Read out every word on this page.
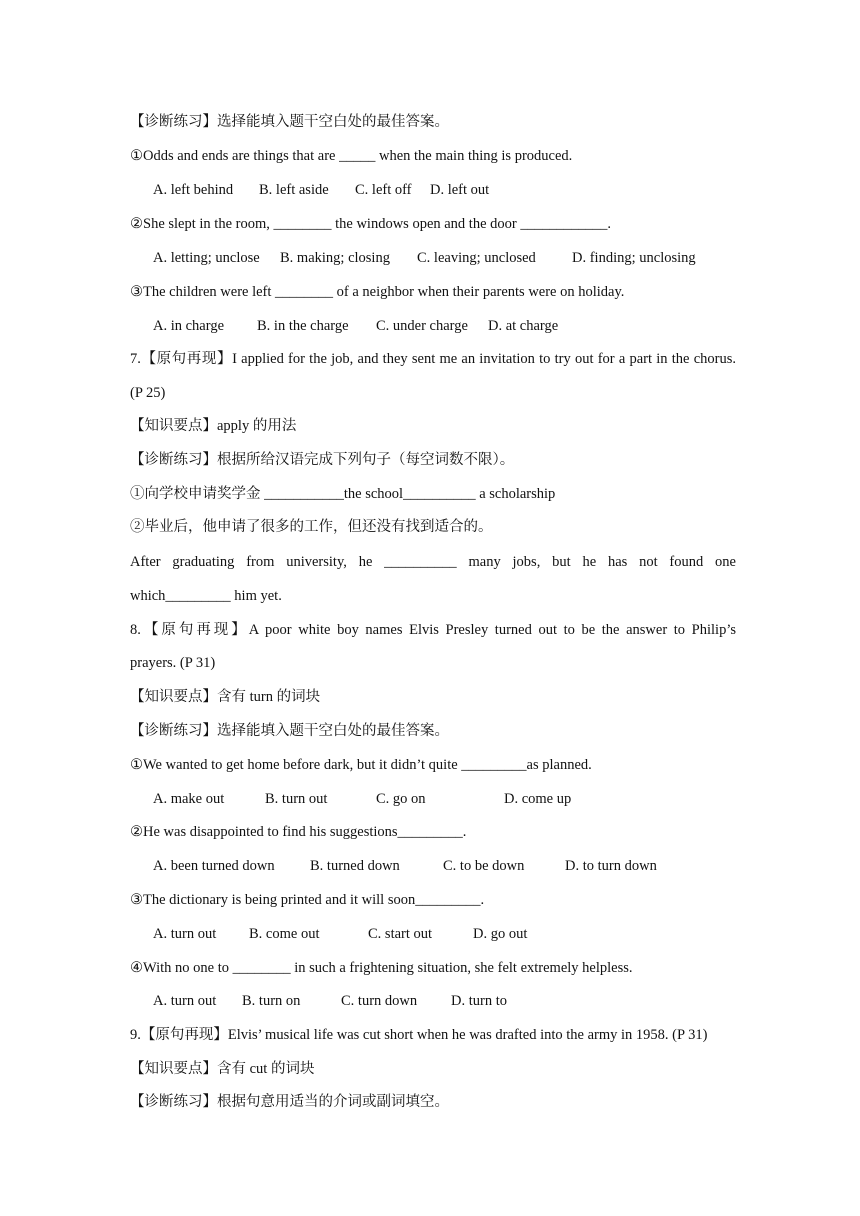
【诊断练习】选择能填入题干空白处的最佳答案。
①Odds and ends are things that are _____ when the main thing is produced.
A. left behind B. left aside C. left off D. left out
②She slept in the room, ________ the windows open and the door ____________.
A. letting; unclose B. making; closing C. leaving; unclosed D. finding; unclosing
③The children were left ________ of a neighbor when their parents were on holiday.
A. in charge B. in the charge C. under charge D. at charge
7.【原句再现】I applied for the job, and they sent me an invitation to try out for a part in the chorus.
(P 25)
【知识要点】apply 的用法
【诊断练习】根据所给汉语完成下列句子（每空词数不限）。
①向学校申请奖学金 ___________the school__________ a scholarship
②毕业后，他申请了很多的工作，但还没有找到适合的。
After graduating from university, he __________ many jobs, but he has not found one
which_________ him yet.
8.【原句再现】A poor white boy names Elvis Presley turned out to be the answer to Philip’s
prayers. (P 31)
【知识要点】含有 turn 的词块
【诊断练习】选择能填入题干空白处的最佳答案。
①We wanted to get home before dark, but it didn’t quite _________as planned.
A. make out	B. turn out	C. go on	D. come up
②He was disappointed to find his suggestions_________.
A. been turned down B. turned down	C. to be down	D. to turn down
③The dictionary is being printed and it will soon_________.
A. turn out B. come out	C. start out	D. go out
④With no one to ________ in such a frightening situation, she felt extremely helpless.
A. turn out B. turn on	C. turn down D. turn to
9.【原句再现】Elvis’ musical life was cut short when he was drafted into the army in 1958. (P 31)
【知识要点】含有 cut 的词块
【诊断练习】根据句意用适当的介词或副词填空。
